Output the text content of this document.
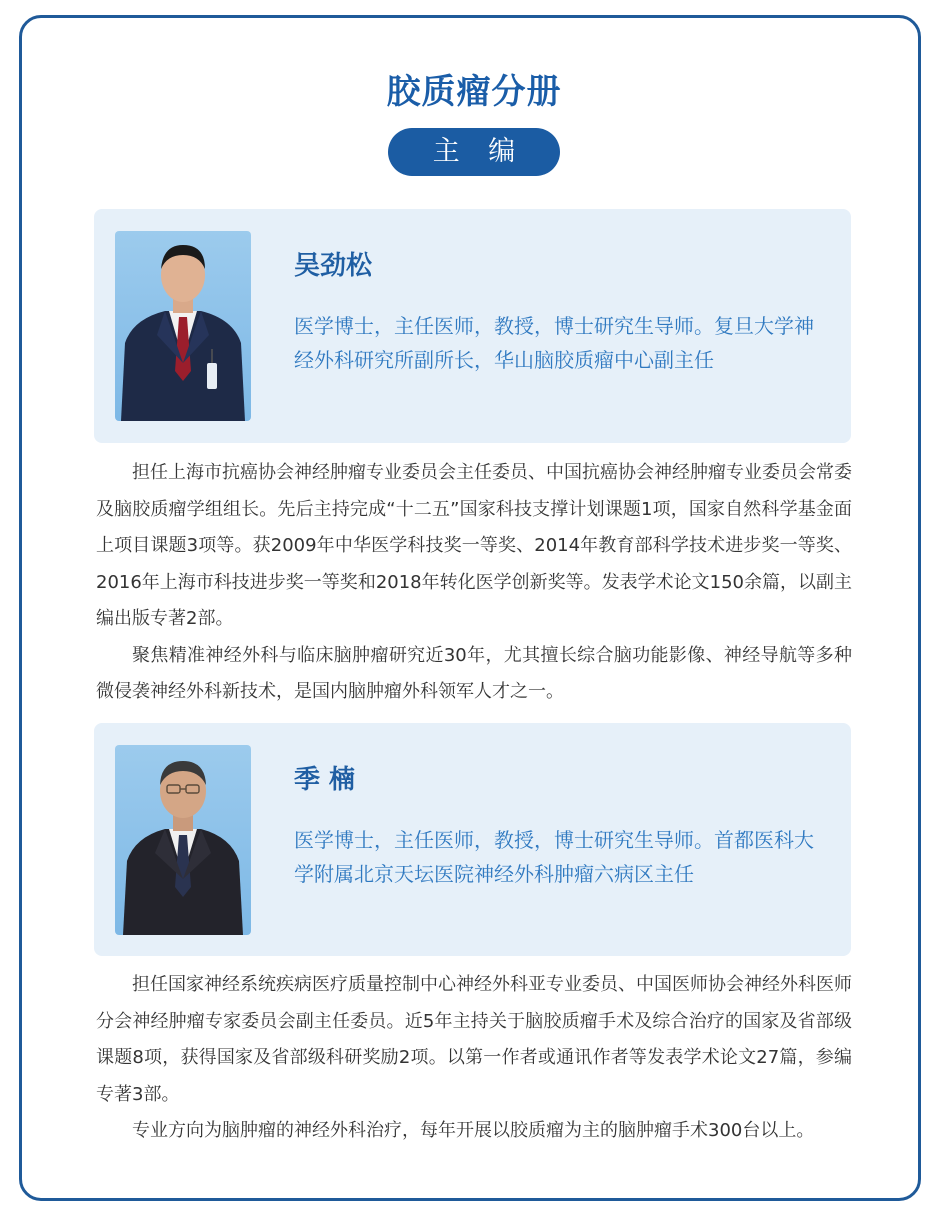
胶质瘤分册
主 编
吴劲松
医学博士，主任医师，教授，博士研究生导师。复旦大学神经外科研究所副所长，华山脑胶质瘤中心副主任

担任上海市抗癌协会神经肿瘤专业委员会主任委员、中国抗癌协会神经肿瘤专业委员会常委及脑胶质瘤学组组长。先后主持完成“十二五”国家科技支撑计划课题1项，国家自然科学基金面上项目课题3项等。获2009年中华医学科技奖一等奖、2014年教育部科学技术进步奖一等奖、2016年上海市科技进步奖一等奖和2018年转化医学创新奖等。发表学术论文150余篇，以副主编出版专著2部。

聚焦精准神经外科与临床脑肿瘤研究近30年，尤其擅长综合脑功能影像、神经导航等多种微侵袭神经外科新技术，是国内脑肿瘤外科领军人才之一。

季 楠
医学博士，主任医师，教授，博士研究生导师。首都医科大学附属北京天坛医院神经外科肿瘤六病区主任

担任国家神经系统疾病医疗质量控制中心神经外科亚专业委员、中国医师协会神经外科医师分会神经肿瘤专家委员会副主任委员。近5年主持关于脑胶质瘤手术及综合治疗的国家及省部级课题8项，获得国家及省部级科研奖励2项。以第一作者或通讯作者等发表学术论文27篇，参编专著3部。

专业方向为脑肿瘤的神经外科治疗，每年开展以胶质瘤为主的脑肿瘤手术300台以上。
